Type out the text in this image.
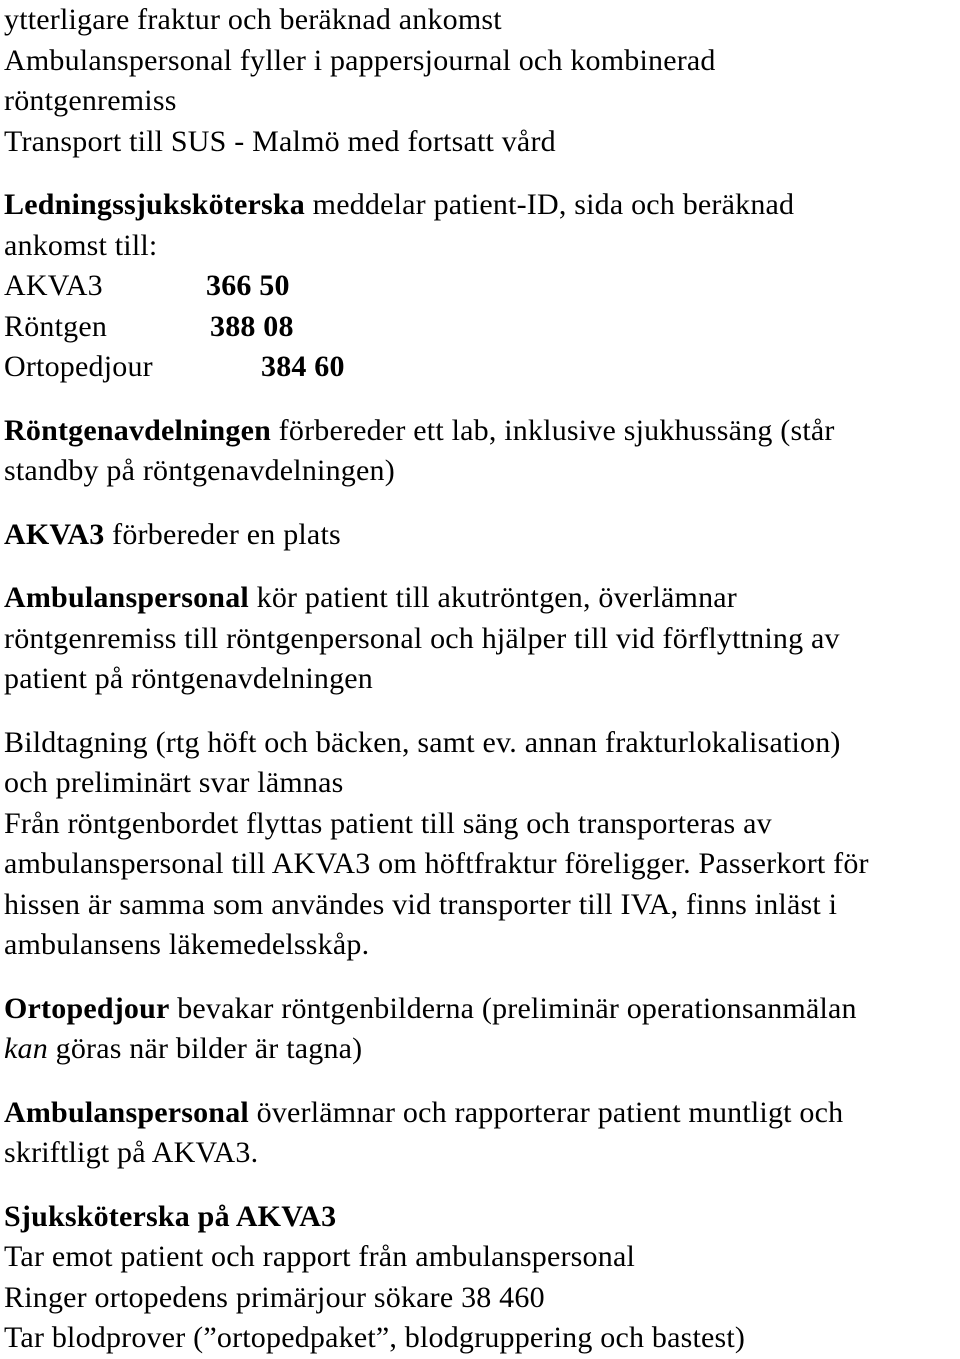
ytterligare fraktur och beräknad ankomst
Ambulanspersonal fyller i pappersjournal och kombinerad
röntgenremiss
Transport till SUS - Malmö med fortsatt vård
Ledningssjuksköterska meddelar patient-ID, sida och beräknad
ankomst till:
AKVA3	366 50
Röntgen	388 08
Ortopedjour	384 60
Röntgenavdelningen förbereder ett lab, inklusive sjukhussäng (står
standby på röntgenavdelningen)
AKVA3 förbereder en plats
Ambulanspersonal kör patient till akutröntgen, överlämnar
röntgenremiss till röntgenpersonal och hjälper till vid förflyttning av
patient på röntgenavdelningen
Bildtagning (rtg höft och bäcken, samt ev. annan frakturlokalisation)
och preliminärt svar lämnas
Från röntgenbordet flyttas patient till säng och transporteras av
ambulanspersonal till AKVA3 om höftfraktur föreligger. Passerkort för
hissen är samma som användes vid transporter till IVA, finns inläst i
ambulansens läkemedelsskåp.
Ortopedjour bevakar röntgenbilderna (preliminär operationsanmälan
kan göras när bilder är tagna)
Ambulanspersonal överlämnar och rapporterar patient muntligt och
skriftligt på AKVA3.
Sjuksköterska på AKVA3
Tar emot patient och rapport från ambulanspersonal
Ringer ortopedens primärjour sökare 38 460
Tar blodprover (”ortopedpaket”, blodgruppering och bastest)
